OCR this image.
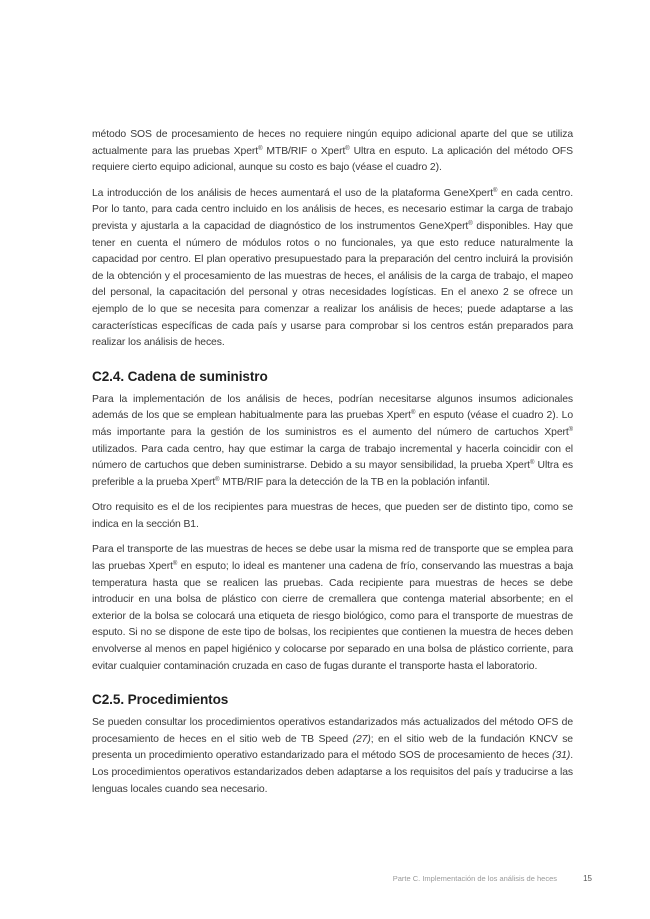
método SOS de procesamiento de heces no requiere ningún equipo adicional aparte del que se utiliza actualmente para las pruebas Xpert® MTB/RIF o Xpert® Ultra en esputo. La aplicación del método OFS requiere cierto equipo adicional, aunque su costo es bajo (véase el cuadro 2).

La introducción de los análisis de heces aumentará el uso de la plataforma GeneXpert® en cada centro. Por lo tanto, para cada centro incluido en los análisis de heces, es necesario estimar la carga de trabajo prevista y ajustarla a la capacidad de diagnóstico de los instrumentos GeneXpert® disponibles. Hay que tener en cuenta el número de módulos rotos o no funcionales, ya que esto reduce naturalmente la capacidad por centro. El plan operativo presupuestado para la preparación del centro incluirá la provisión de la obtención y el procesamiento de las muestras de heces, el análisis de la carga de trabajo, el mapeo del personal, la capacitación del personal y otras necesidades logísticas. En el anexo 2 se ofrece un ejemplo de lo que se necesita para comenzar a realizar los análisis de heces; puede adaptarse a las características específicas de cada país y usarse para comprobar si los centros están preparados para realizar los análisis de heces.

C2.4. Cadena de suministro

Para la implementación de los análisis de heces, podrían necesitarse algunos insumos adicionales además de los que se emplean habitualmente para las pruebas Xpert® en esputo (véase el cuadro 2). Lo más importante para la gestión de los suministros es el aumento del número de cartuchos Xpert® utilizados. Para cada centro, hay que estimar la carga de trabajo incremental y hacerla coincidir con el número de cartuchos que deben suministrarse. Debido a su mayor sensibilidad, la prueba Xpert® Ultra es preferible a la prueba Xpert® MTB/RIF para la detección de la TB en la población infantil.

Otro requisito es el de los recipientes para muestras de heces, que pueden ser de distinto tipo, como se indica en la sección B1.

Para el transporte de las muestras de heces se debe usar la misma red de transporte que se emplea para las pruebas Xpert® en esputo; lo ideal es mantener una cadena de frío, conservando las muestras a baja temperatura hasta que se realicen las pruebas. Cada recipiente para muestras de heces se debe introducir en una bolsa de plástico con cierre de cremallera que contenga material absorbente; en el exterior de la bolsa se colocará una etiqueta de riesgo biológico, como para el transporte de muestras de esputo. Si no se dispone de este tipo de bolsas, los recipientes que contienen la muestra de heces deben envolverse al menos en papel higiénico y colocarse por separado en una bolsa de plástico corriente, para evitar cualquier contaminación cruzada en caso de fugas durante el transporte hasta el laboratorio.

C2.5. Procedimientos

Se pueden consultar los procedimientos operativos estandarizados más actualizados del método OFS de procesamiento de heces en el sitio web de TB Speed (27); en el sitio web de la fundación KNCV se presenta un procedimiento operativo estandarizado para el método SOS de procesamiento de heces (31). Los procedimientos operativos estandarizados deben adaptarse a los requisitos del país y traducirse a las lenguas locales cuando sea necesario.

Parte C. Implementación de los análisis de heces	15
